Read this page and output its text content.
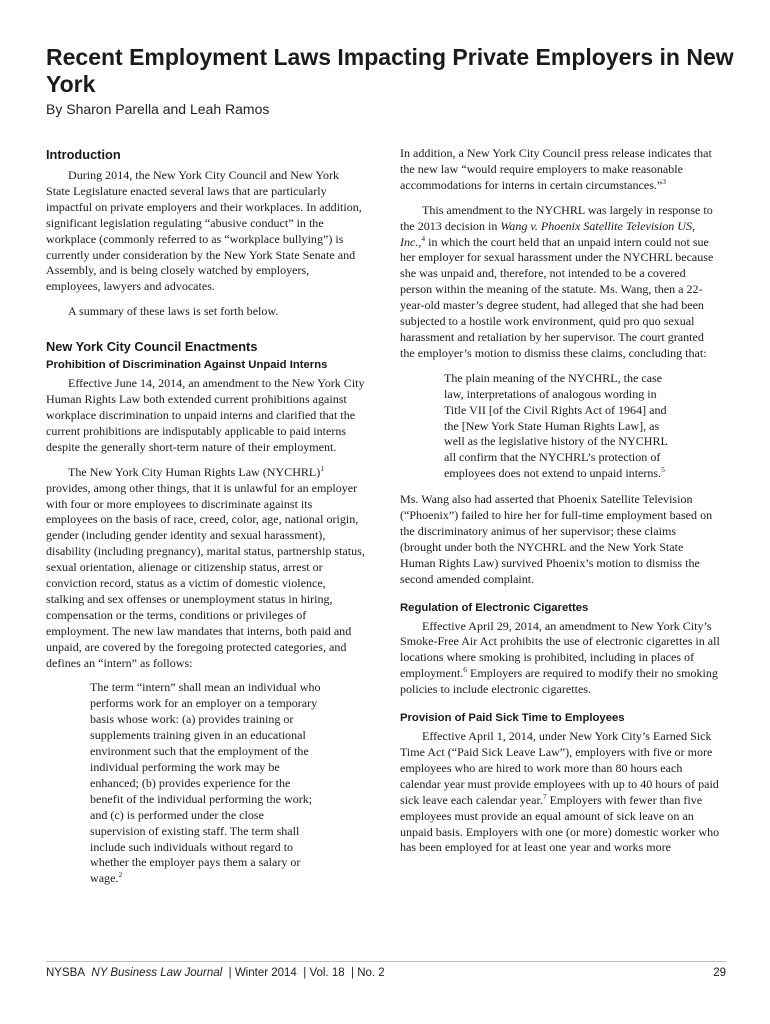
Recent Employment Laws Impacting Private Employers in New York
By Sharon Parella and Leah Ramos
Introduction

During 2014, the New York City Council and New York State Legislature enacted several laws that are particularly impactful on private employers and their workplaces. In addition, significant legislation regulating “abusive conduct” in the workplace (commonly referred to as “workplace bullying”) is currently under consideration by the New York State Senate and Assembly, and is being closely watched by employers, employees, lawyers and advocates.

A summary of these laws is set forth below.

New York City Council Enactments
Prohibition of Discrimination Against Unpaid Interns

Effective June 14, 2014, an amendment to the New York City Human Rights Law both extended current prohibitions against workplace discrimination to unpaid interns and clarified that the current prohibitions are indisputably applicable to paid interns despite the generally short-term nature of their employment.

The New York City Human Rights Law (NYCHRL)$^1$ provides, among other things, that it is unlawful for an employer with four or more employees to discriminate against its employees on the basis of race, creed, color, age, national origin, gender (including gender identity and sexual harassment), disability (including pregnancy), marital status, partnership status, sexual orientation, alienage or citizenship status, arrest or conviction record, status as a victim of domestic violence, stalking and sex offenses or unemployment status in hiring, compensation or the terms, conditions or privileges of employment. The new law mandates that interns, both paid and unpaid, are covered by the foregoing protected categories, and defines an “intern” as follows:

The term “intern” shall mean an individual who performs work for an employer on a temporary basis whose work: (a) provides training or supplements training given in an educational environment such that the employment of the individual performing the work may be enhanced; (b) provides experience for the benefit of the individual performing the work; and (c) is performed under the close supervision of existing staff. The term shall include such individuals without regard to whether the employer pays them a salary or wage.$^2$

In addition, a New York City Council press release indicates that the new law “would require employers to make reasonable accommodations for interns in certain circumstances.”$^3$

This amendment to the NYCHRL was largely in response to the 2013 decision in Wang v. Phoenix Satellite Television US, Inc.,$^4$ in which the court held that an unpaid intern could not sue her employer for sexual harassment under the NYCHRL because she was unpaid and, therefore, not intended to be a covered person within the meaning of the statute. Ms. Wang, then a 22-year-old master’s degree student, had alleged that she had been subjected to a hostile work environment, quid pro quo sexual harassment and retaliation by her supervisor. The court granted the employer’s motion to dismiss these claims, concluding that:

The plain meaning of the NYCHRL, the case law, interpretations of analogous wording in Title VII [of the Civil Rights Act of 1964] and the [New York State Human Rights Law], as well as the legislative history of the NYCHRL all confirm that the NYCHRL’s protection of employees does not extend to unpaid interns.$^5$

Ms. Wang also had asserted that Phoenix Satellite Television (“Phoenix”) failed to hire her for full-time employment based on the discriminatory animus of her supervisor; these claims (brought under both the NYCHRL and the New York State Human Rights Law) survived Phoenix’s motion to dismiss the second amended complaint.

Regulation of Electronic Cigarettes

Effective April 29, 2014, an amendment to New York City’s Smoke-Free Air Act prohibits the use of electronic cigarettes in all locations where smoking is prohibited, including in places of employment.$^6$ Employers are required to modify their no smoking policies to include electronic cigarettes.

Provision of Paid Sick Time to Employees

Effective April 1, 2014, under New York City’s Earned Sick Time Act (“Paid Sick Leave Law”), employers with five or more employees who are hired to work more than 80 hours each calendar year must provide employees with up to 40 hours of paid sick leave each calendar year.$^7$ Employers with fewer than five employees must provide an equal amount of sick leave on an unpaid basis. Employers with one (or more) domestic worker who has been employed for at least one year and works more

NYSBA NY Business Law Journal  | Winter 2014  | Vol. 18  | No. 2	29
